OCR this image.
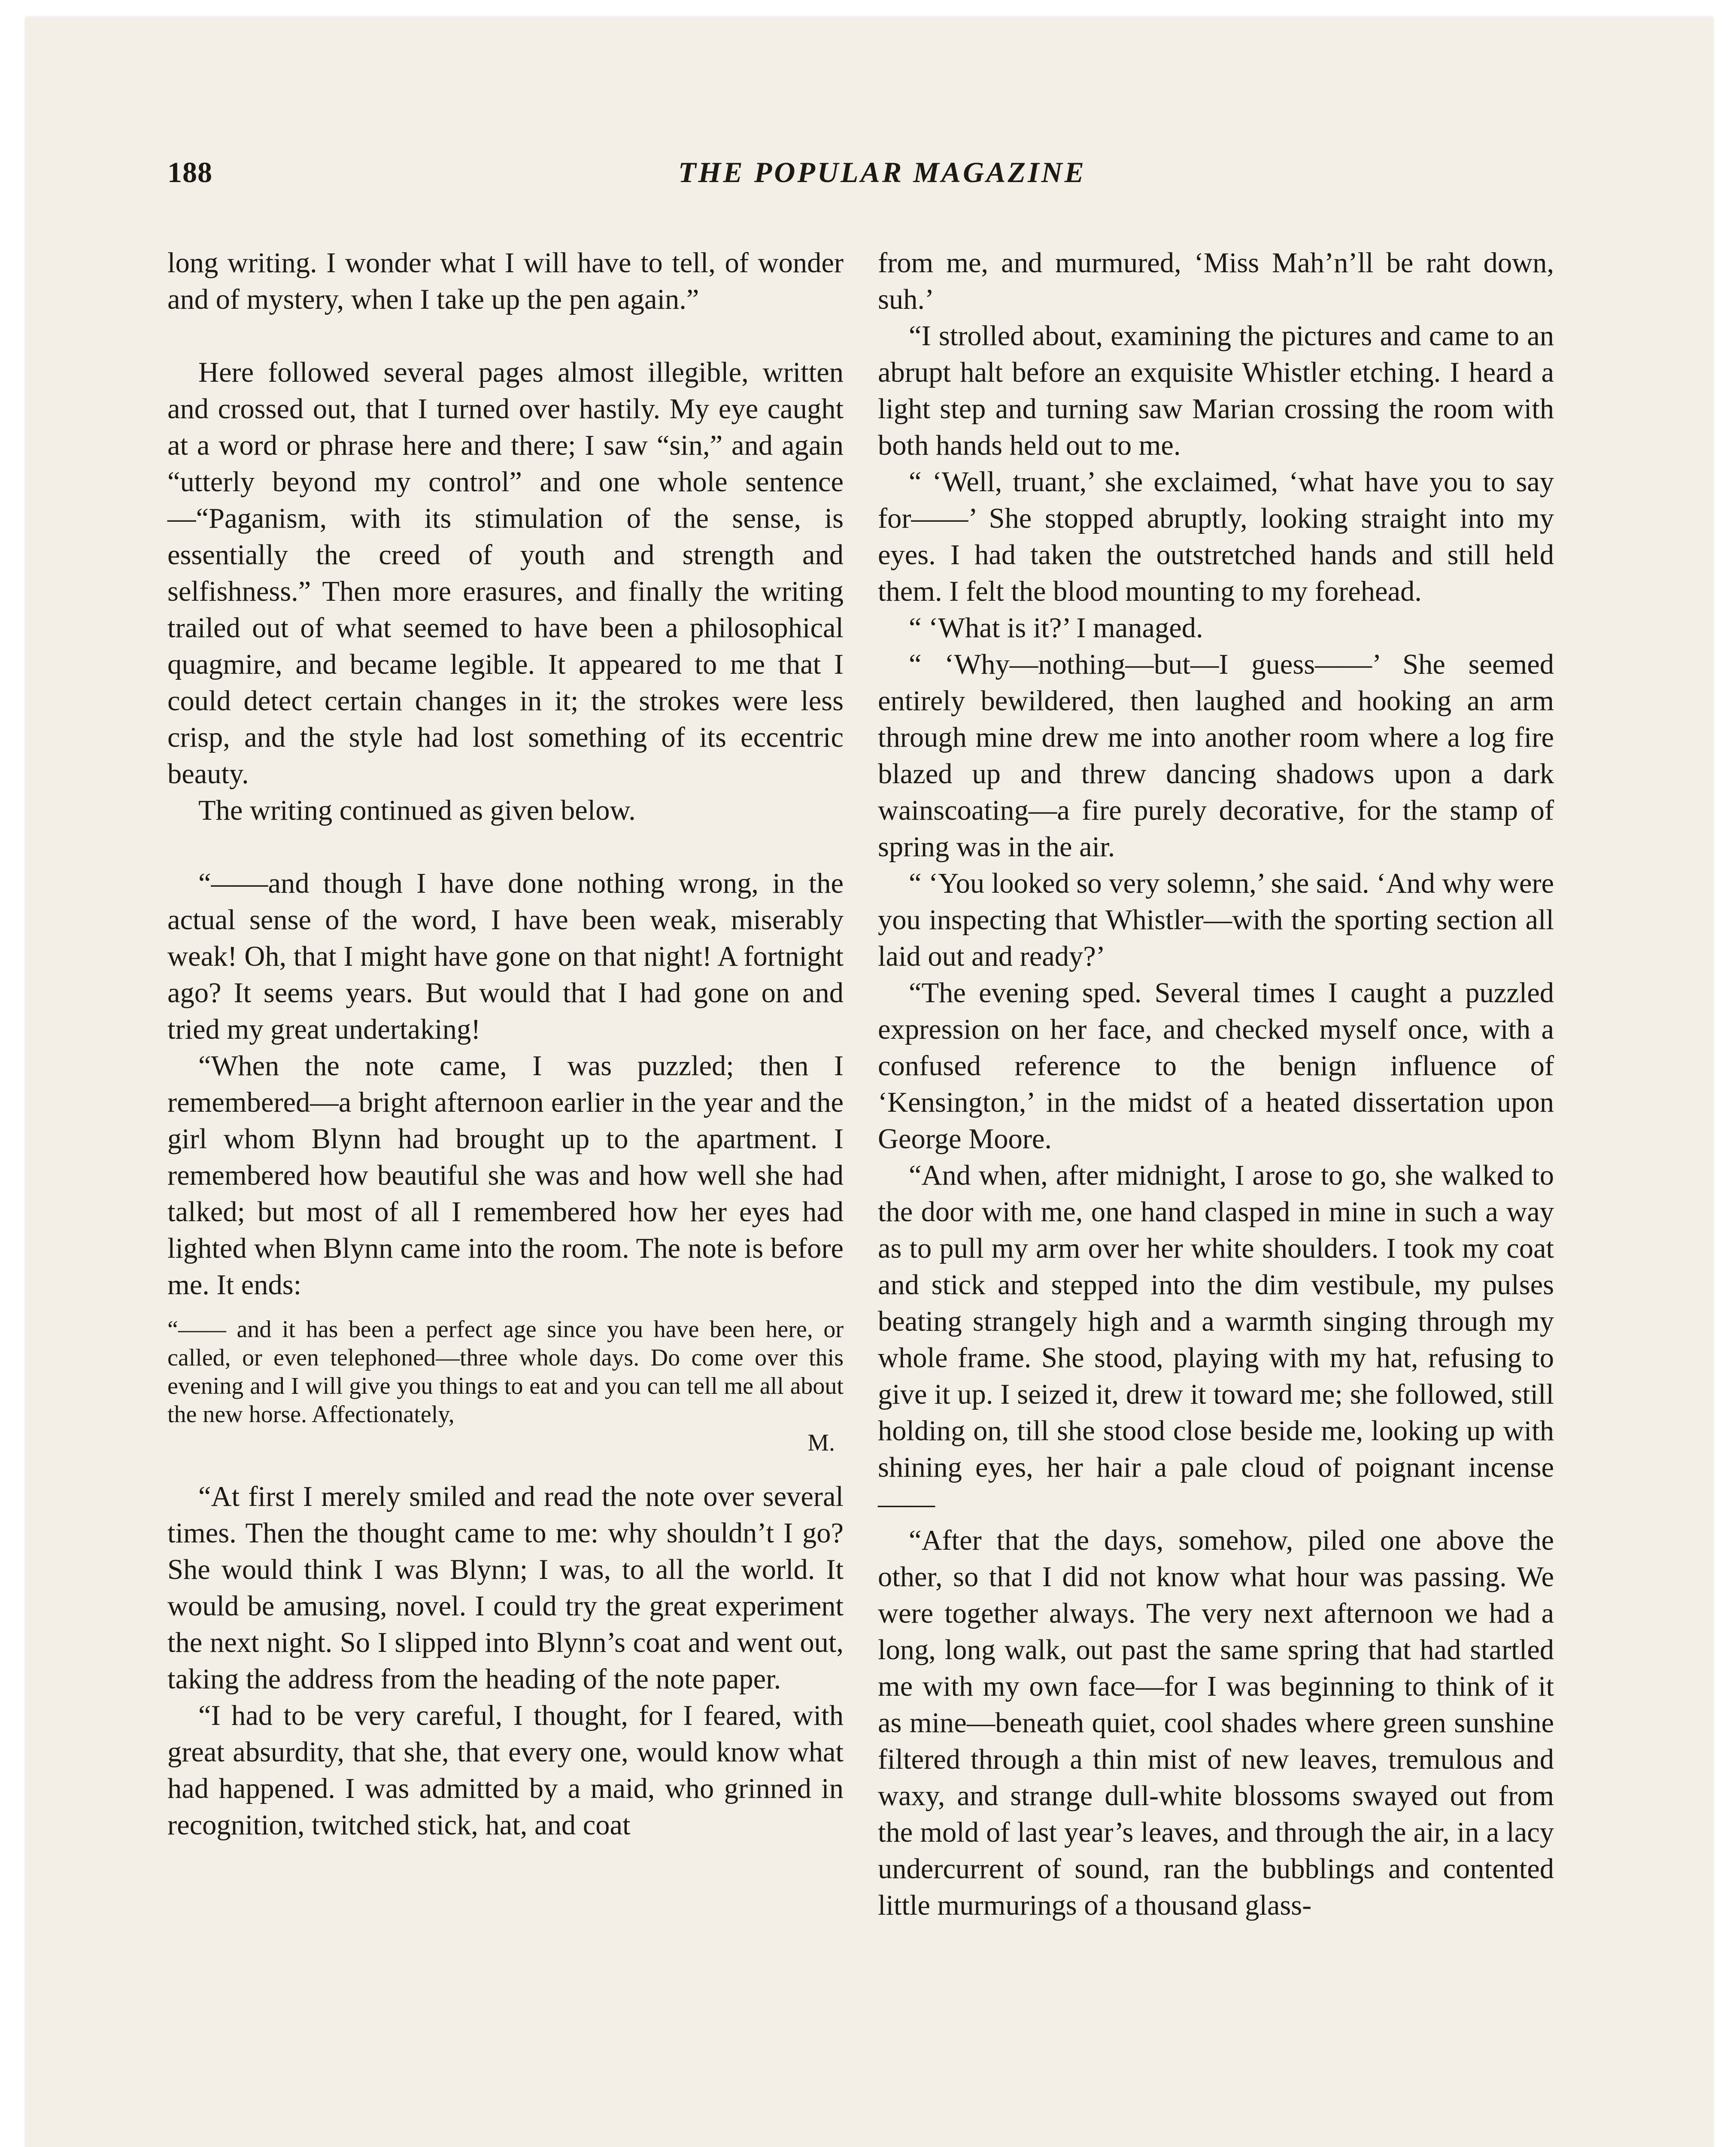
188	THE POPULAR MAGAZINE

long writing. I wonder what I will have to tell, of wonder and of mystery, when I take up the pen again.”

Here followed several pages almost illegible, written and crossed out, that I turned over hastily. My eye caught at a word or phrase here and there; I saw “sin,” and again “utterly beyond my control” and one whole sentence—“Paganism, with its stimulation of the sense, is essentially the creed of youth and strength and selfishness.” Then more erasures, and finally the writing trailed out of what seemed to have been a philosophical quagmire, and became legible. It appeared to me that I could detect certain changes in it; the strokes were less crisp, and the style had lost something of its eccentric beauty.

The writing continued as given below.

“——and though I have done nothing wrong, in the actual sense of the word, I have been weak, miserably weak! Oh, that I might have gone on that night! A fortnight ago? It seems years. But would that I had gone on and tried my great undertaking!

“When the note came, I was puzzled; then I remembered—a bright afternoon earlier in the year and the girl whom Blynn had brought up to the apartment. I remembered how beautiful she was and how well she had talked; but most of all I remembered how her eyes had lighted when Blynn came into the room. The note is before me. It ends:

“—— and it has been a perfect age since you have been here, or called, or even telephoned—three whole days. Do come over this evening and I will give you things to eat and you can tell me all about the new horse. Affectionately,

M.

“At first I merely smiled and read the note over several times. Then the thought came to me: why shouldn’t I go? She would think I was Blynn; I was, to all the world. It would be amusing, novel. I could try the great experiment the next night. So I slipped into Blynn’s coat and went out, taking the address from the heading of the note paper.

“I had to be very careful, I thought, for I feared, with great absurdity, that she, that every one, would know what had happened. I was admitted by a maid, who grinned in recognition, twitched stick, hat, and coat

from me, and murmured, ‘Miss Mah’n’ll be raht down, suh.’

“I strolled about, examining the pictures and came to an abrupt halt before an exquisite Whistler etching. I heard a light step and turning saw Marian crossing the room with both hands held out to me.

“ ‘Well, truant,’ she exclaimed, ‘what have you to say for——’ She stopped abruptly, looking straight into my eyes. I had taken the outstretched hands and still held them. I felt the blood mounting to my forehead.

“ ‘What is it?’ I managed.

“ ‘Why—nothing—but—I guess——’ She seemed entirely bewildered, then laughed and hooking an arm through mine drew me into another room where a log fire blazed up and threw dancing shadows upon a dark wainscoating—a fire purely decorative, for the stamp of spring was in the air.

“ ‘You looked so very solemn,’ she said. ‘And why were you inspecting that Whistler—with the sporting section all laid out and ready?’

“The evening sped. Several times I caught a puzzled expression on her face, and checked myself once, with a confused reference to the benign influence of ‘Kensington,’ in the midst of a heated dissertation upon George Moore.

“And when, after midnight, I arose to go, she walked to the door with me, one hand clasped in mine in such a way as to pull my arm over her white shoulders. I took my coat and stick and stepped into the dim vestibule, my pulses beating strangely high and a warmth singing through my whole frame. She stood, playing with my hat, refusing to give it up. I seized it, drew it toward me; she followed, still holding on, till she stood close beside me, looking up with shining eyes, her hair a pale cloud of poignant incense——

“After that the days, somehow, piled one above the other, so that I did not know what hour was passing. We were together always. The very next afternoon we had a long, long walk, out past the same spring that had startled me with my own face—for I was beginning to think of it as mine—beneath quiet, cool shades where green sunshine filtered through a thin mist of new leaves, tremulous and waxy, and strange dull-white blossoms swayed out from the mold of last year’s leaves, and through the air, in a lacy undercurrent of sound, ran the bubblings and contented little murmurings of a thousand glass-
